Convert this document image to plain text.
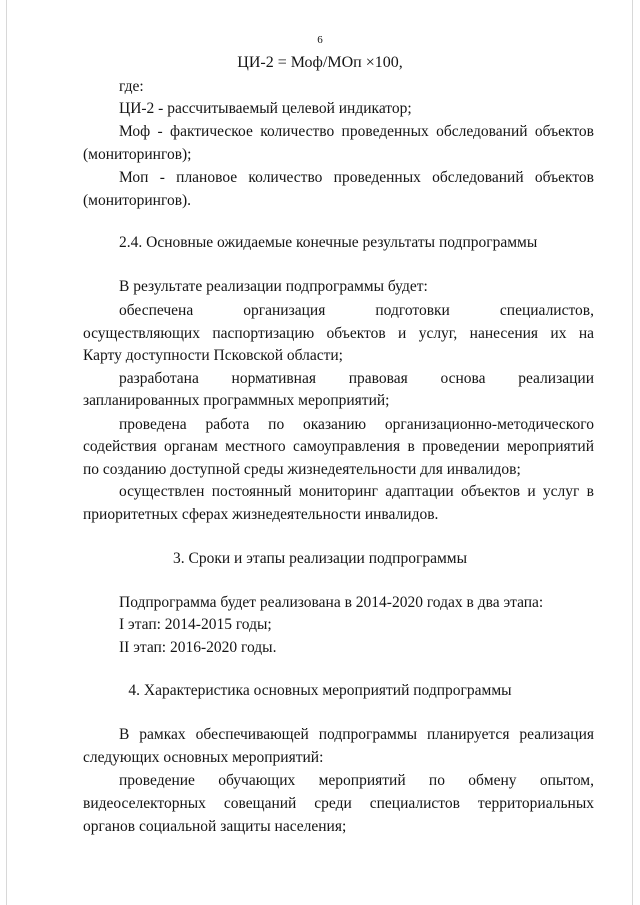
6
ЦИ-2 = Моф/МОп ×100,
где:
ЦИ-2 - рассчитываемый целевой индикатор;
Моф - фактическое количество проведенных обследований объектов
(мониторингов);
Моп - плановое количество проведенных обследований объектов
(мониторингов).
2.4. Основные ожидаемые конечные результаты подпрограммы
В результате реализации подпрограммы будет:
обеспечена организация подготовки специалистов,
осуществляющих паспортизацию объектов и услуг, нанесения их на
Карту доступности Псковской области;
разработана нормативная правовая основа реализации
запланированных программных мероприятий;
проведена работа по оказанию организационно-методического
содействия органам местного самоуправления в проведении мероприятий
по созданию доступной среды жизнедеятельности для инвалидов;
осуществлен постоянный мониторинг адаптации объектов и услуг в
приоритетных сферах жизнедеятельности инвалидов.
3. Сроки и этапы реализации подпрограммы
Подпрограмма будет реализована в 2014-2020 годах в два этапа:
I этап: 2014-2015 годы;
II этап: 2016-2020 годы.
4. Характеристика основных мероприятий подпрограммы
В рамках обеспечивающей подпрограммы планируется реализация
следующих основных мероприятий:
проведение обучающих мероприятий по обмену опытом,
видеоселекторных совещаний среди специалистов территориальных
органов социальной защиты населения;
